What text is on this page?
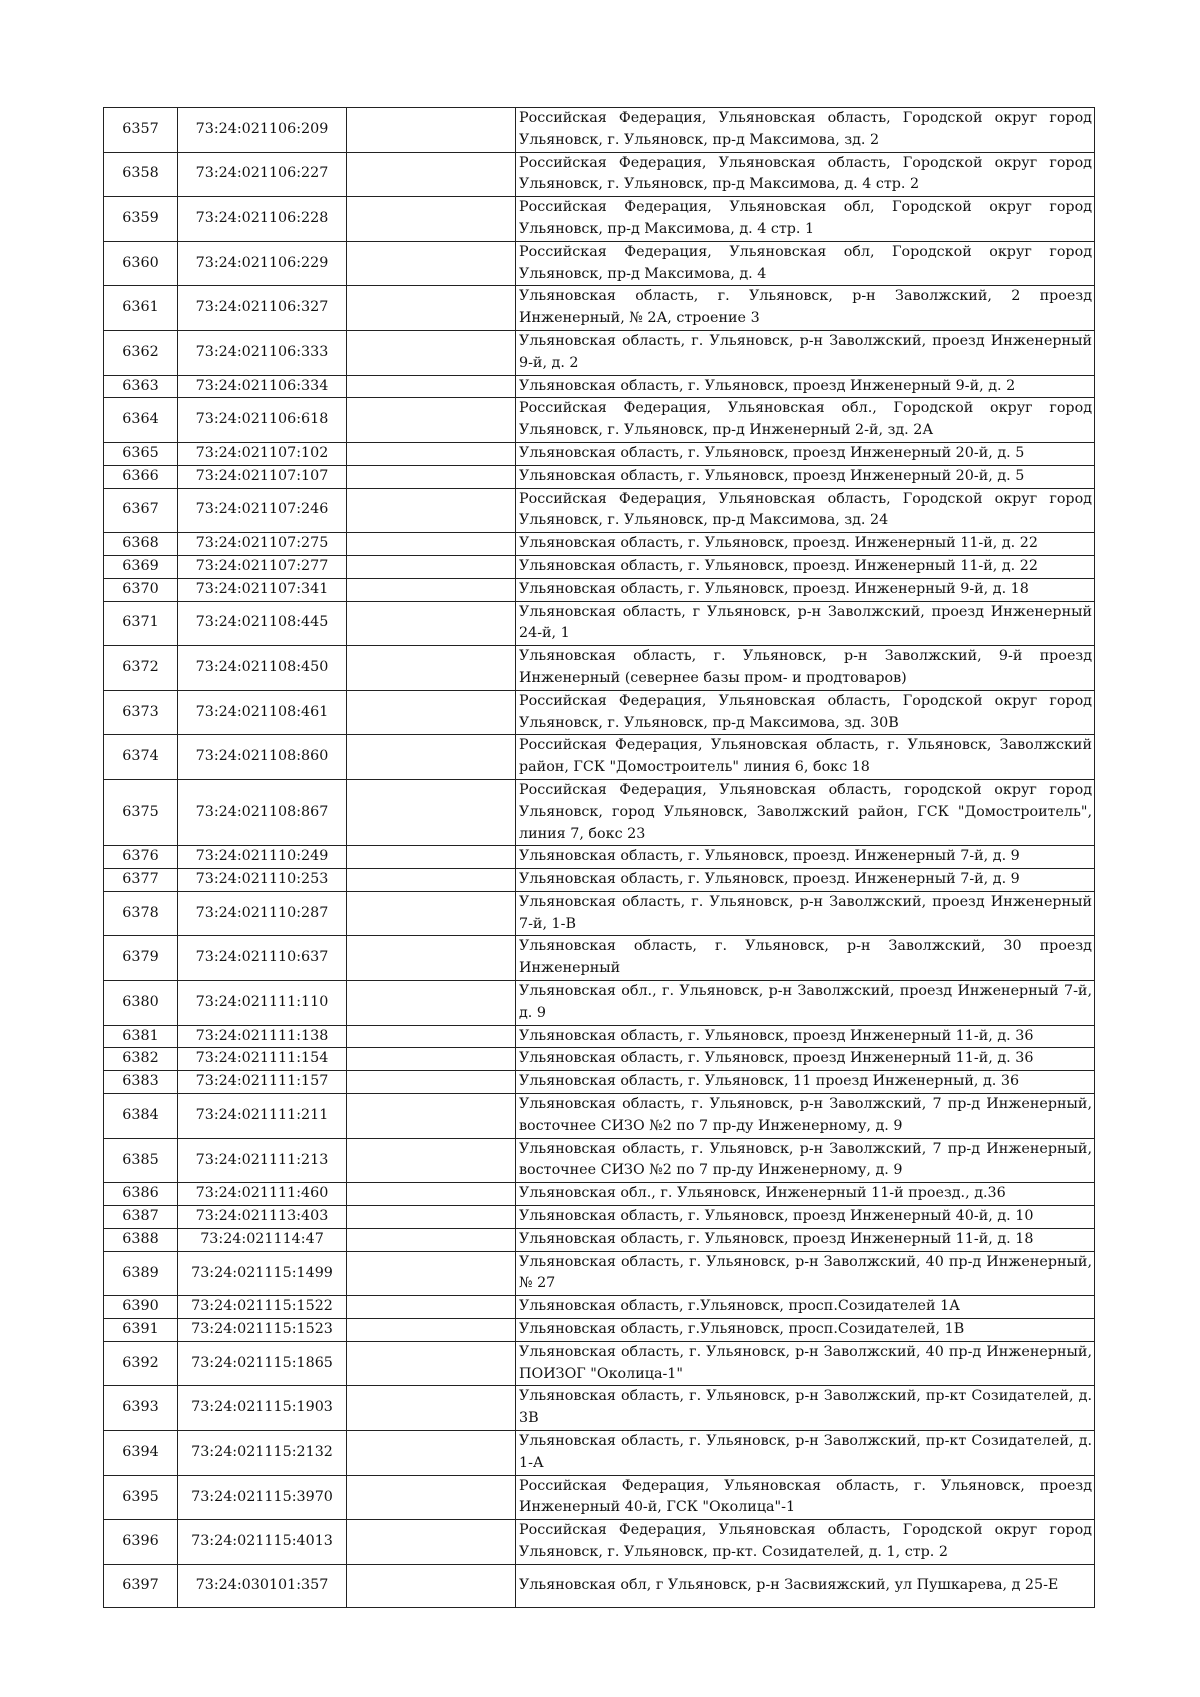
6357	73:24:021106:209		Российская Федерация, Ульяновская область, Городской округ город Ульяновск, г. Ульяновск, пр-д Максимова, зд. 2
6358	73:24:021106:227		Российская Федерация, Ульяновская область, Городской округ город Ульяновск, г. Ульяновск, пр-д Максимова, д. 4 стр. 2
6359	73:24:021106:228		Российская Федерация, Ульяновская обл, Городской округ город Ульяновск, пр-д Максимова, д. 4 стр. 1
6360	73:24:021106:229		Российская Федерация, Ульяновская обл, Городской округ город Ульяновск, пр-д Максимова, д. 4
6361	73:24:021106:327		Ульяновская область, г. Ульяновск, р-н Заволжский, 2 проезд Инженерный, № 2А, строение 3
6362	73:24:021106:333		Ульяновская область, г. Ульяновск, р-н Заволжский, проезд Инженерный 9-й, д. 2
6363	73:24:021106:334		Ульяновская область, г. Ульяновск, проезд Инженерный 9-й, д. 2
6364	73:24:021106:618		Российская Федерация, Ульяновская обл., Городской округ город Ульяновск, г. Ульяновск, пр-д Инженерный 2-й, зд. 2А
6365	73:24:021107:102		Ульяновская область, г. Ульяновск, проезд Инженерный 20-й, д. 5
6366	73:24:021107:107		Ульяновская область, г. Ульяновск, проезд Инженерный 20-й, д. 5
6367	73:24:021107:246		Российская Федерация, Ульяновская область, Городской округ город Ульяновск, г. Ульяновск, пр-д Максимова, зд. 24
6368	73:24:021107:275		Ульяновская область, г. Ульяновск, проезд. Инженерный 11-й, д. 22
6369	73:24:021107:277		Ульяновская область, г. Ульяновск, проезд. Инженерный 11-й, д. 22
6370	73:24:021107:341		Ульяновская область, г. Ульяновск, проезд. Инженерный 9-й, д. 18
6371	73:24:021108:445		Ульяновская область, г Ульяновск, р-н Заволжский, проезд Инженерный 24-й, 1
6372	73:24:021108:450		Ульяновская область, г. Ульяновск, р-н Заволжский, 9-й проезд Инженерный (севернее базы пром- и продтоваров)
6373	73:24:021108:461		Российская Федерация, Ульяновская область, Городской округ город Ульяновск, г. Ульяновск, пр-д Максимова, зд. 30В
6374	73:24:021108:860		Российская Федерация, Ульяновская область, г. Ульяновск, Заволжский район, ГСК "Домостроитель" линия 6, бокс 18
6375	73:24:021108:867		Российская Федерация, Ульяновская область, городской округ город Ульяновск, город Ульяновск, Заволжский район, ГСК "Домостроитель", линия 7, бокс 23
6376	73:24:021110:249		Ульяновская область, г. Ульяновск, проезд. Инженерный 7-й, д. 9
6377	73:24:021110:253		Ульяновская область, г. Ульяновск, проезд. Инженерный 7-й, д. 9
6378	73:24:021110:287		Ульяновская область, г. Ульяновск, р-н Заволжский, проезд Инженерный 7-й, 1-В
6379	73:24:021110:637		Ульяновская область, г. Ульяновск, р-н Заволжский, 30 проезд Инженерный
6380	73:24:021111:110		Ульяновская обл., г. Ульяновск, р-н Заволжский, проезд Инженерный 7-й, д. 9
6381	73:24:021111:138		Ульяновская область, г. Ульяновск, проезд Инженерный 11-й, д. 36
6382	73:24:021111:154		Ульяновская область, г. Ульяновск, проезд Инженерный 11-й, д. 36
6383	73:24:021111:157		Ульяновская область, г. Ульяновск, 11 проезд Инженерный, д. 36
6384	73:24:021111:211		Ульяновская область, г. Ульяновск, р-н Заволжский, 7 пр-д Инженерный, восточнее СИЗО №2 по 7 пр-ду Инженерному, д. 9
6385	73:24:021111:213		Ульяновская область, г. Ульяновск, р-н Заволжский, 7 пр-д Инженерный, восточнее СИЗО №2 по 7 пр-ду Инженерному, д. 9
6386	73:24:021111:460		Ульяновская обл., г. Ульяновск, Инженерный 11-й проезд., д.36
6387	73:24:021113:403		Ульяновская область, г. Ульяновск, проезд Инженерный 40-й, д. 10
6388	73:24:021114:47		Ульяновская область, г. Ульяновск, проезд Инженерный 11-й, д. 18
6389	73:24:021115:1499		Ульяновская область, г. Ульяновск, р-н Заволжский, 40 пр-д Инженерный, № 27
6390	73:24:021115:1522		Ульяновская область, г.Ульяновск, просп.Созидателей 1А
6391	73:24:021115:1523		Ульяновская область, г.Ульяновск, просп.Созидателей, 1В
6392	73:24:021115:1865		Ульяновская область, г. Ульяновск, р-н Заволжский, 40 пр-д Инженерный, ПОИЗОГ "Околица-1"
6393	73:24:021115:1903		Ульяновская область, г. Ульяновск, р-н Заволжский, пр-кт Созидателей, д. 3В
6394	73:24:021115:2132		Ульяновская область, г. Ульяновск, р-н Заволжский, пр-кт Созидателей, д. 1-А
6395	73:24:021115:3970		Российская Федерация, Ульяновская область, г. Ульяновск, проезд Инженерный 40-й, ГСК "Околица"-1
6396	73:24:021115:4013		Российская Федерация, Ульяновская область, Городской округ город Ульяновск, г. Ульяновск, пр-кт. Созидателей, д. 1, стр. 2
6397	73:24:030101:357		Ульяновская обл, г Ульяновск, р-н Засвияжский, ул Пушкарева, д 25-Е
